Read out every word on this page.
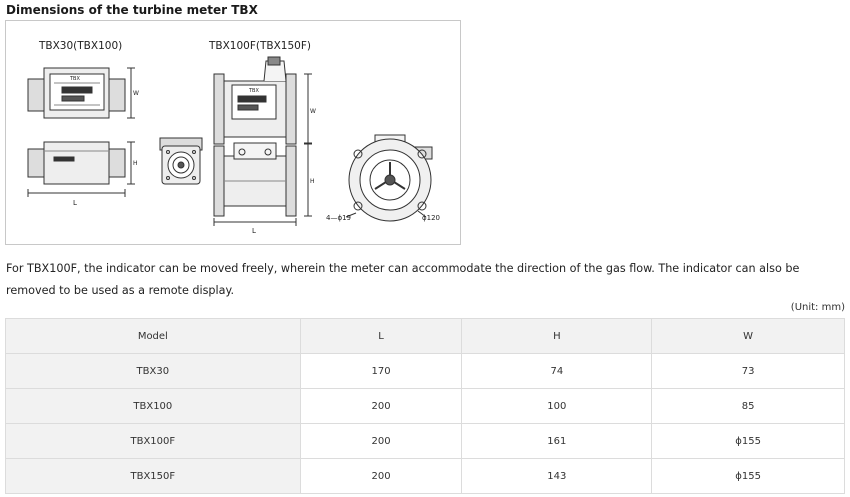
Dimensions of the turbine meter TBX
TBX30(TBX100)	TBX100F(TBX150F)
TBX
W
H
L
TBX
W
H
L
4—ϕ19	ϕ120
For TBX100F, the indicator can be moved freely, wherein the meter can accommodate the direction of the gas flow. The indicator can also be removed to be used as a remote display.
(Unit: mm)
Model	L	H	W
TBX30	170	74	73
TBX100	200	100	85
TBX100F	200	161	ϕ155
TBX150F	200	143	ϕ155
